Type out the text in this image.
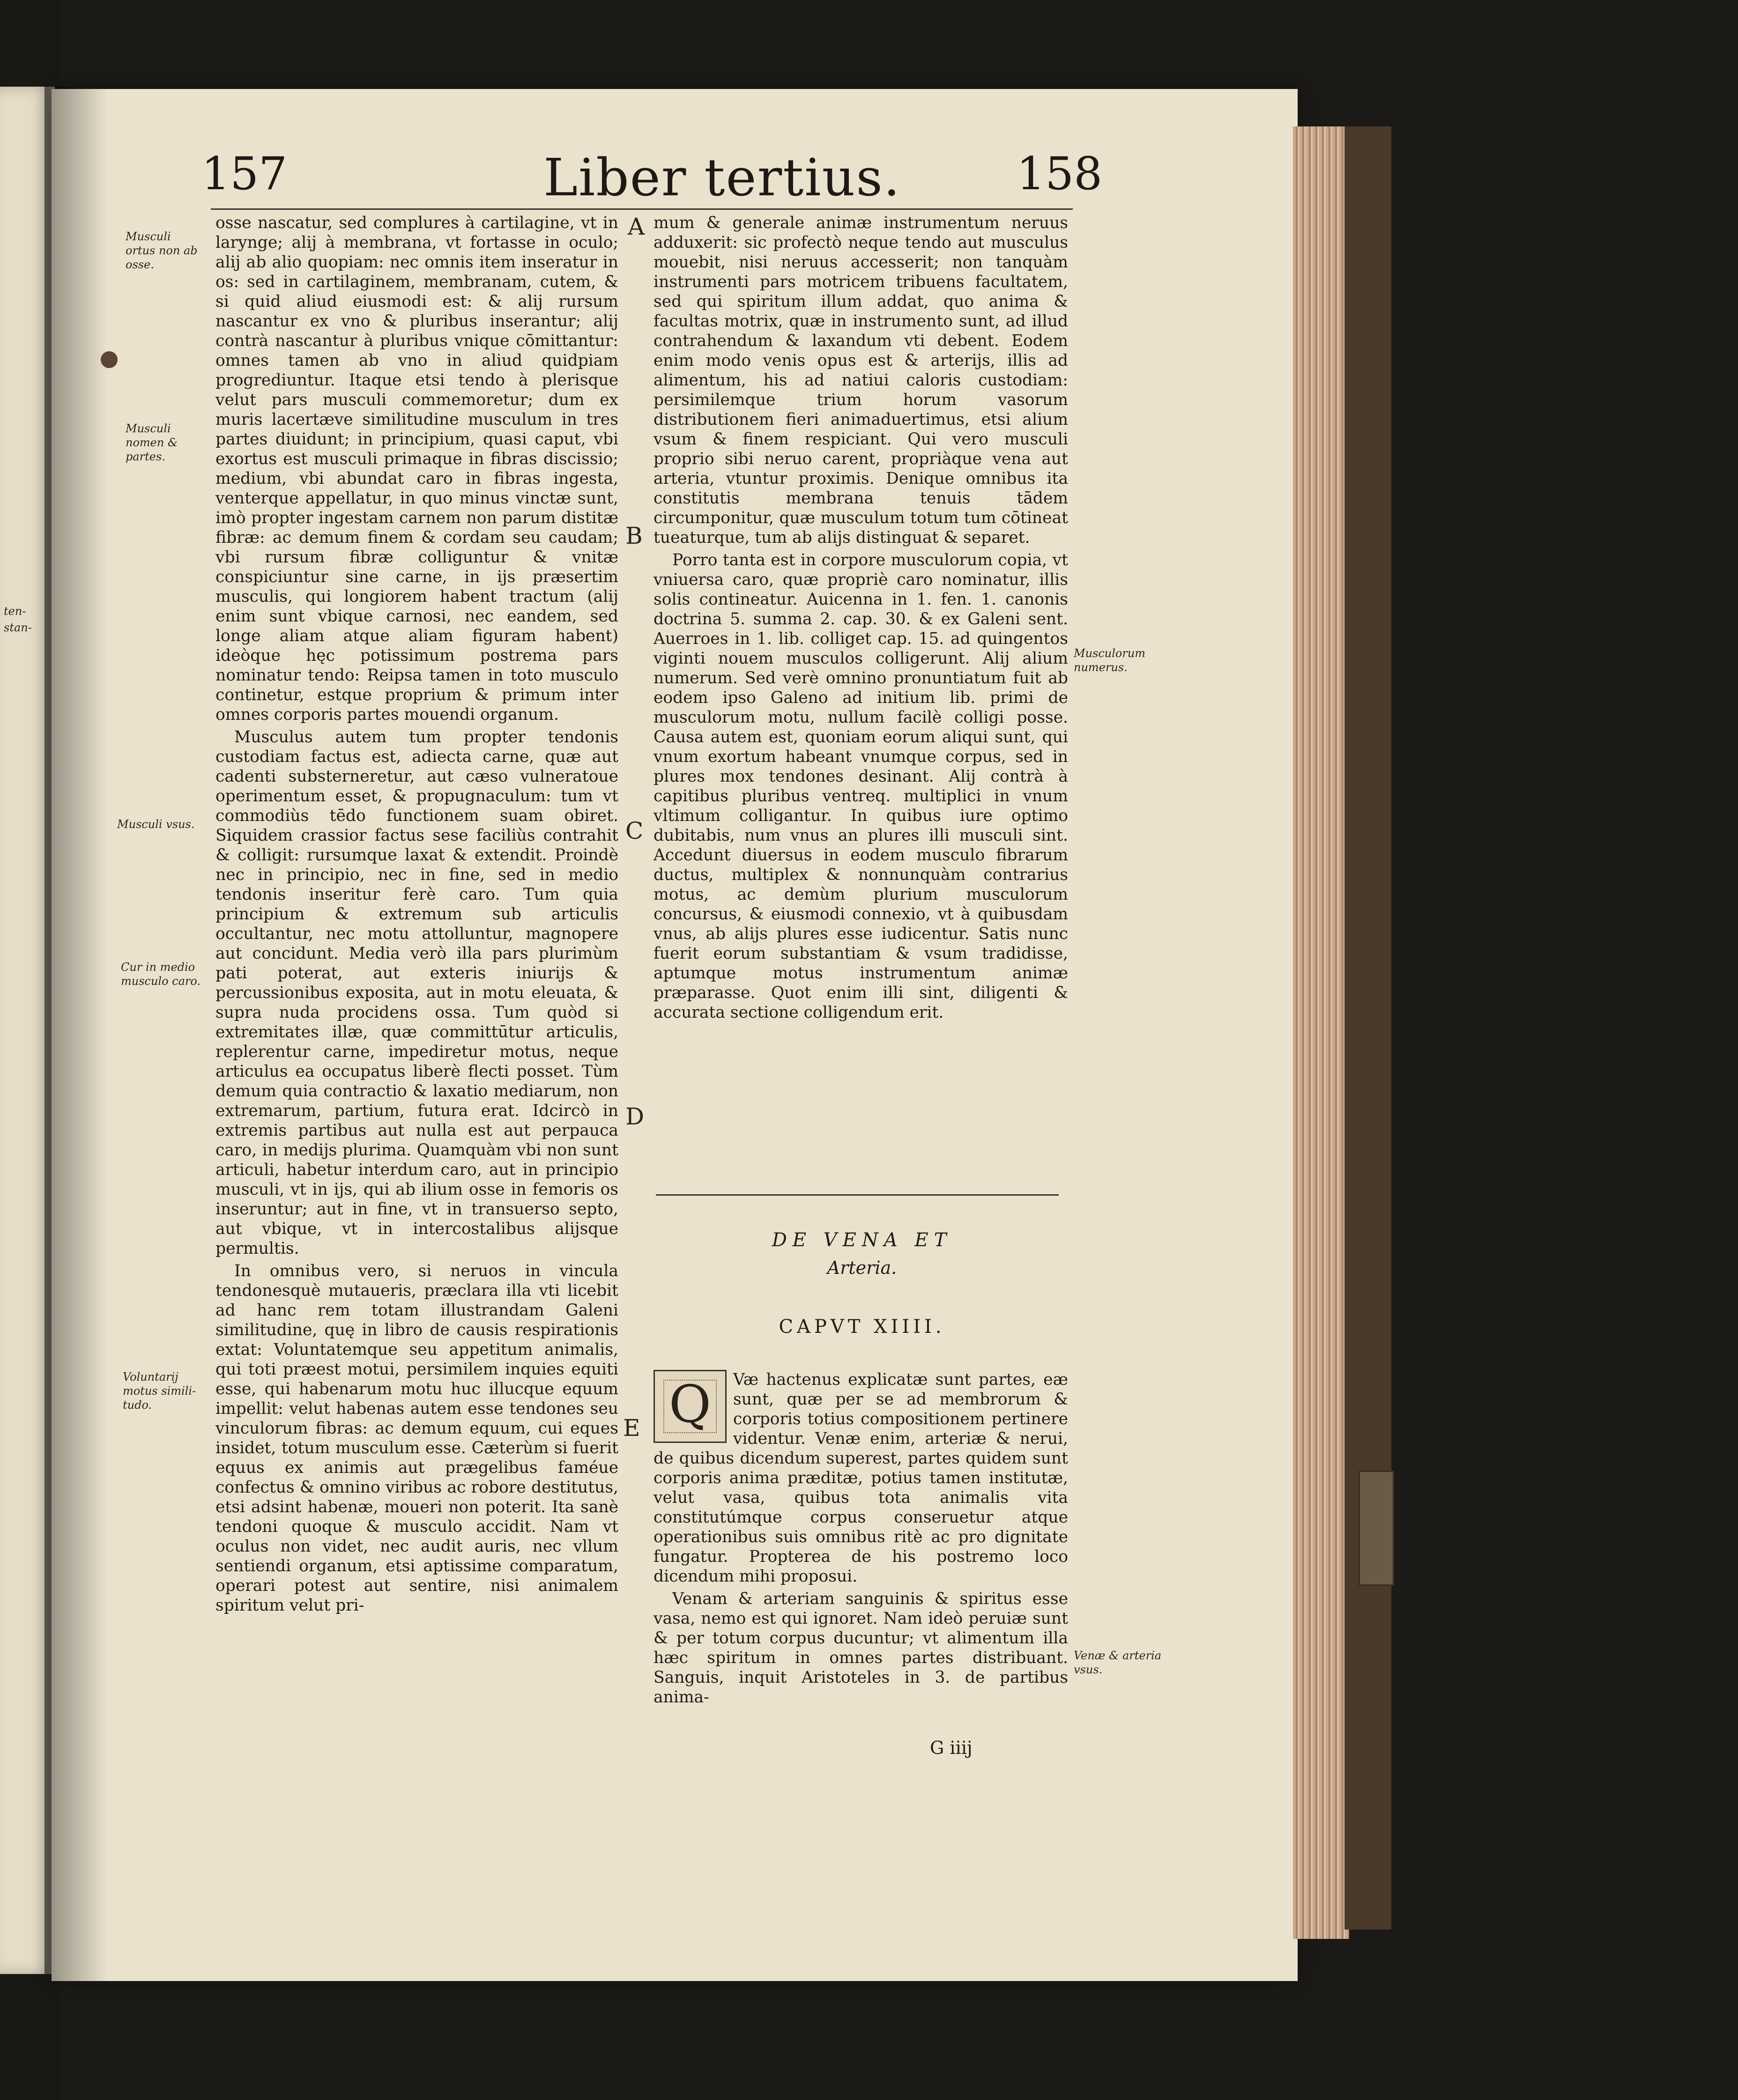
ten-
stan-
157	Liber tertius.	158

osse nascatur, sed complures à cartilagine, vt in larynge; alij à membrana, vt fortasse in oculo; alij ab alio quopiam: nec omnis item inseratur in os: sed in cartilaginem, membranam, cutem, & si quid aliud eiusmodi est: & alij rursum nascantur ex vno & pluribus inserantur; alij contrà nascantur à pluribus vnique cōmittantur: omnes tamen ab vno in aliud quidpiam progrediuntur. Itaque etsi tendo à plerisque velut pars musculi commemoretur; dum ex muris lacertæve similitudine musculum in tres partes diuidunt; in principium, quasi caput, vbi exortus est musculi primaque in fibras discissio; medium, vbi abundat caro in fibras ingesta, venterque appellatur, in quo minus vinctæ sunt, imò propter ingestam carnem non parum distitæ fibræ: ac demum finem & cordam seu caudam; vbi rursum fibræ colliguntur & vnitæ conspiciuntur sine carne, in ijs præsertim musculis, qui longiorem habent tractum (alij enim sunt vbique carnosi, nec eandem, sed longe aliam atque aliam figuram habent) ideòque hęc potissimum postrema pars nominatur tendo: Reipsa tamen in toto musculo continetur, estque proprium & primum inter omnes corporis partes mouendi organum.

Musculus autem tum propter tendonis custodiam factus est, adiecta carne, quæ aut cadenti substerneretur, aut cæso vulneratoue operimentum esset, & propugnaculum: tum vt commodiùs tēdo functionem suam obiret. Siquidem crassior factus sese faciliùs contrahit & colligit: rursumque laxat & extendit. Proindè nec in principio, nec in fine, sed in medio tendonis inseritur ferè caro. Tum quia principium & extremum sub articulis occultantur, nec motu attolluntur, magnopere aut concidunt. Media verò illa pars plurimùm pati poterat, aut exteris iniurijs & percussionibus exposita, aut in motu eleuata, & supra nuda procidens ossa. Tum quòd si extremitates illæ, quæ committūtur articulis, replerentur carne, impediretur motus, neque articulus ea occupatus liberè flecti posset. Tùm demum quia contractio & laxatio mediarum, non extremarum, partium, futura erat. Idcircò in extremis partibus aut nulla est aut perpauca caro, in medijs plurima. Quamquàm vbi non sunt articuli, habetur interdum caro, aut in principio musculi, vt in ijs, qui ab ilium osse in femoris os inseruntur; aut in fine, vt in transuerso septo, aut vbique, vt in intercostalibus alijsque permultis.

In omnibus vero, si neruos in vincula tendonesquè mutaueris, præclara illa vti licebit ad hanc rem totam illustrandam Galeni similitudine, quę in libro de causis respirationis extat: Voluntatemque seu appetitum animalis, qui toti præest motui, persimilem inquies equiti esse, qui habenarum motu huc illucque equum impellit: velut habenas autem esse tendones seu vinculorum fibras: ac demum equum, cui eques insidet, totum musculum esse. Cæterùm si fuerit equus ex animis aut prægelibus faméue confectus & omnino viribus ac robore destitutus, etsi adsint habenæ, moueri non poterit. Ita sanè tendoni quoque & musculo accidit. Nam vt oculus non videt, nec audit auris, nec vllum sentiendi organum, etsi aptissime comparatum, operari potest aut sentire, nisi animalem spiritum velut pri-

mum & generale animæ instrumentum neruus adduxerit: sic profectò neque tendo aut musculus mouebit, nisi neruus accesserit; non tanquàm instrumenti pars motricem tribuens facultatem, sed qui spiritum illum addat, quo anima & facultas motrix, quæ in instrumento sunt, ad illud contrahendum & laxandum vti debent. Eodem enim modo venis opus est & arterijs, illis ad alimentum, his ad natiui caloris custodiam: persimilemque trium horum vasorum distributionem fieri animaduertimus, etsi alium vsum & finem respiciant. Qui vero musculi proprio sibi neruo carent, propriàque vena aut arteria, vtuntur proximis. Denique omnibus ita constitutis membrana tenuis tādem circumponitur, quæ musculum totum tum cōtineat tueaturque, tum ab alijs distinguat & separet.

Porro tanta est in corpore musculorum copia, vt vniuersa caro, quæ propriè caro nominatur, illis solis contineatur. Auicenna in 1. fen. 1. canonis doctrina 5. summa 2. cap. 30. & ex Galeni sent. Auerroes in 1. lib. colliget cap. 15. ad quingentos viginti nouem musculos colligerunt. Alij alium numerum. Sed verè omnino pronuntiatum fuit ab eodem ipso Galeno ad initium lib. primi de musculorum motu, nullum facilè colligi posse. Causa autem est, quoniam eorum aliqui sunt, qui vnum exortum habeant vnumque corpus, sed in plures mox tendones desinant. Alij contrà à capitibus pluribus ventreq. multiplici in vnum vltimum colligantur. In quibus iure optimo dubitabis, num vnus an plures illi musculi sint. Accedunt diuersus in eodem musculo fibrarum ductus, multiplex & nonnunquàm contrarius motus, ac demùm plurium musculorum concursus, & eiusmodi connexio, vt à quibusdam vnus, ab alijs plures esse iudicentur. Satis nunc fuerit eorum substantiam & vsum tradidisse, aptumque motus instrumentum animæ præparasse. Quot enim illi sint, diligenti & accurata sectione colligendum erit.

Musculi ortus non ab osse.
Musculi nomen & partes.
Musculi vsus.
Cur in medio musculo caro.
Voluntarij motus simili-tudo.
Musculorum numerus.
Venæ & arteria vsus.
A
B
C
D
E
DE VENA ET
Arteria.
CAPVT XIIII.

Q	Væ hactenus explicatæ sunt partes, eæ sunt, quæ per se ad membrorum & corporis totius compositionem pertinere videntur. Venæ enim, arteriæ & nerui, de quibus dicendum superest, partes quidem sunt corporis anima præditæ, potius tamen institutæ, velut vasa, quibus tota animalis vita constitutúmque corpus conseruetur atque operationibus suis omnibus ritè ac pro dignitate fungatur. Propterea de his postremo loco dicendum mihi proposui.

Venam & arteriam sanguinis & spiritus esse vasa, nemo est qui ignoret. Nam ideò peruiæ sunt & per totum corpus ducuntur; vt alimentum illa hæc spiritum in omnes partes distribuant. Sanguis, inquit Aristoteles in 3. de partibus anima-

G iiij
